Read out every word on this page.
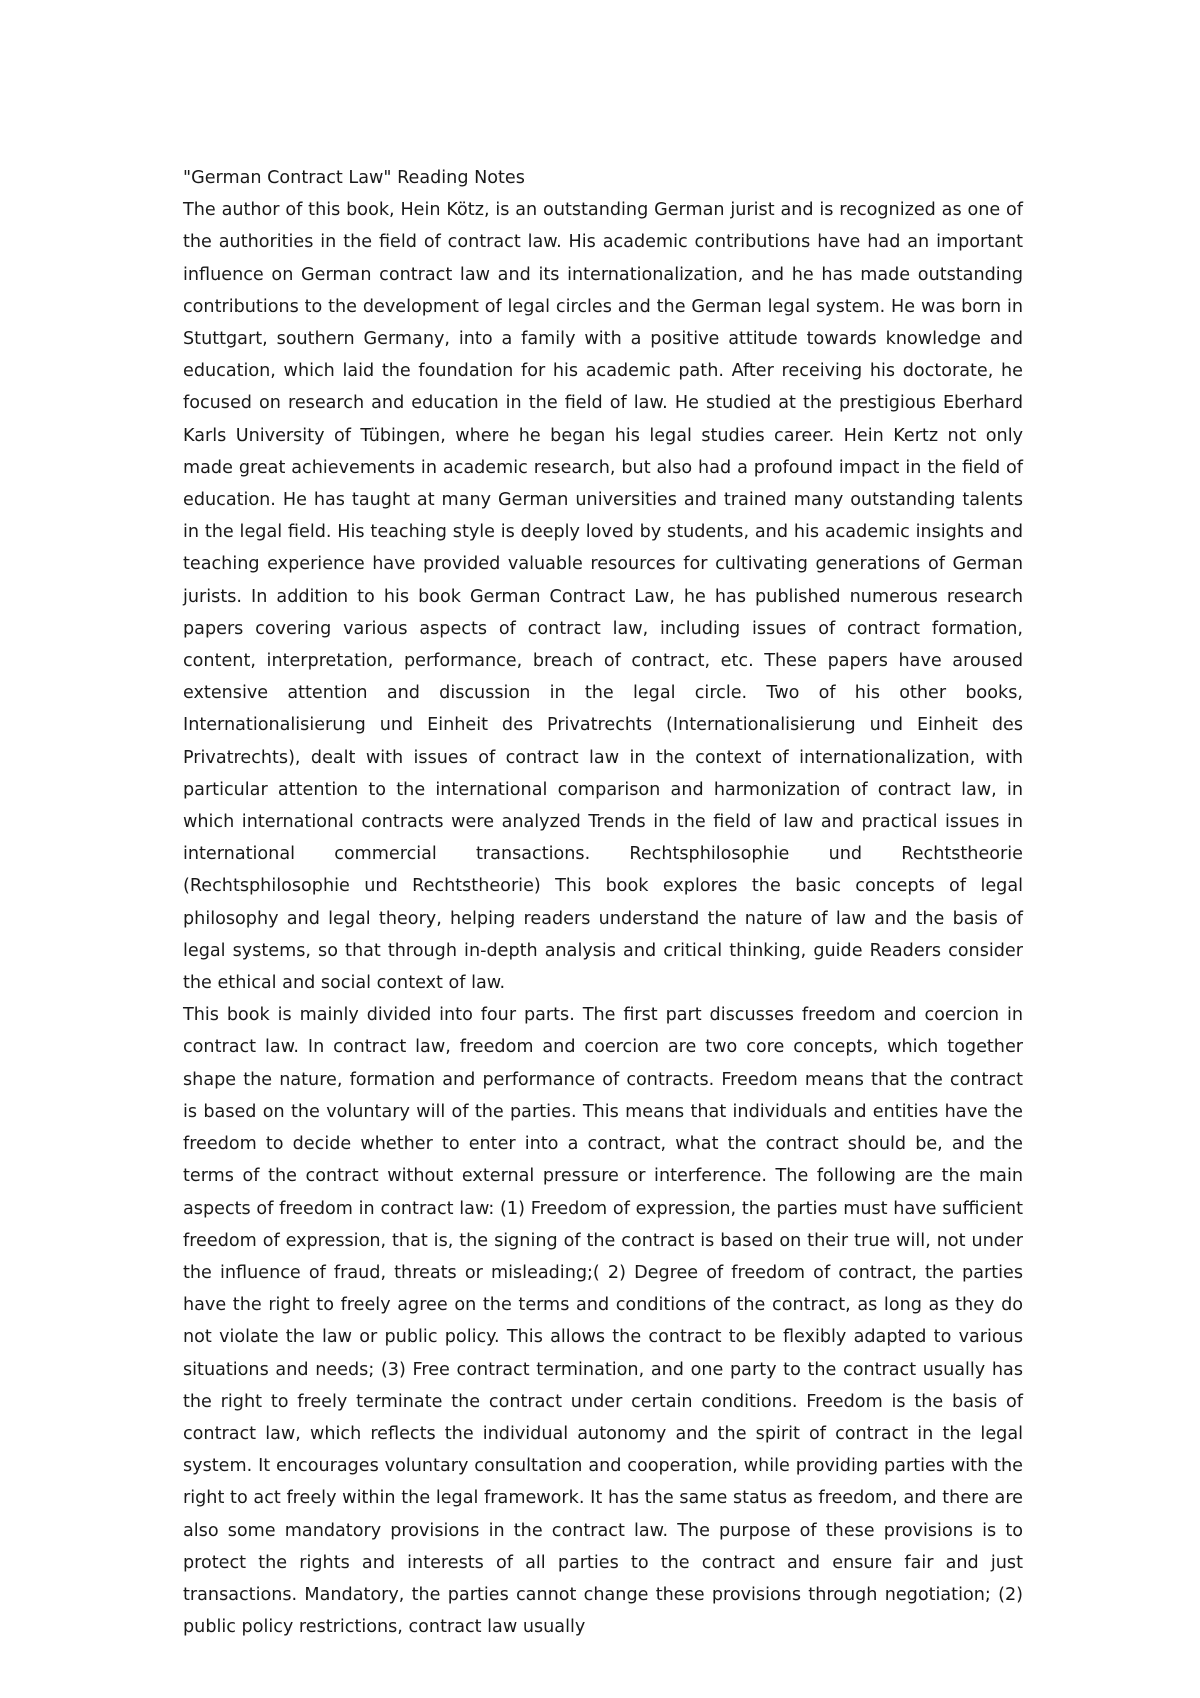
"German Contract Law" Reading Notes

The author of this book, Hein Kötz, is an outstanding German jurist and is recognized as one of the authorities in the field of contract law. His academic contributions have had an important influence on German contract law and its internationalization, and he has made outstanding contributions to the development of legal circles and the German legal system. He was born in Stuttgart, southern Germany, into a family with a positive attitude towards knowledge and education, which laid the foundation for his academic path. After receiving his doctorate, he focused on research and education in the field of law. He studied at the prestigious Eberhard Karls University of Tübingen, where he began his legal studies career. Hein Kertz not only made great achievements in academic research, but also had a profound impact in the field of education. He has taught at many German universities and trained many outstanding talents in the legal field. His teaching style is deeply loved by students, and his academic insights and teaching experience have provided valuable resources for cultivating generations of German jurists. In addition to his book German Contract Law, he has published numerous research papers covering various aspects of contract law, including issues of contract formation, content, interpretation, performance, breach of contract, etc. These papers have aroused extensive attention and discussion in the legal circle. Two of his other books, Internationalisierung und Einheit des Privatrechts (Internationalisierung und Einheit des Privatrechts), dealt with issues of contract law in the context of internationalization, with particular attention to the international comparison and harmonization of contract law, in which international contracts were analyzed Trends in the field of law and practical issues in international commercial transactions. Rechtsphilosophie und Rechtstheorie (Rechtsphilosophie und Rechtstheorie) This book explores the basic concepts of legal philosophy and legal theory, helping readers understand the nature of law and the basis of legal systems, so that through in-depth analysis and critical thinking, guide Readers consider the ethical and social context of law.

This book is mainly divided into four parts. The first part discusses freedom and coercion in contract law. In contract law, freedom and coercion are two core concepts, which together shape the nature, formation and performance of contracts. Freedom means that the contract is based on the voluntary will of the parties. This means that individuals and entities have the freedom to decide whether to enter into a contract, what the contract should be, and the terms of the contract without external pressure or interference. The following are the main aspects of freedom in contract law: (1) Freedom of expression, the parties must have sufficient freedom of expression, that is, the signing of the contract is based on their true will, not under the influence of fraud, threats or misleading;( 2) Degree of freedom of contract, the parties have the right to freely agree on the terms and conditions of the contract, as long as they do not violate the law or public policy. This allows the contract to be flexibly adapted to various situations and needs; (3) Free contract termination, and one party to the contract usually has the right to freely terminate the contract under certain conditions. Freedom is the basis of contract law, which reflects the individual autonomy and the spirit of contract in the legal system. It encourages voluntary consultation and cooperation, while providing parties with the right to act freely within the legal framework. It has the same status as freedom, and there are also some mandatory provisions in the contract law. The purpose of these provisions is to protect the rights and interests of all parties to the contract and ensure fair and just transactions. Mandatory, the parties cannot change these provisions through negotiation; (2) public policy restrictions, contract law usually
